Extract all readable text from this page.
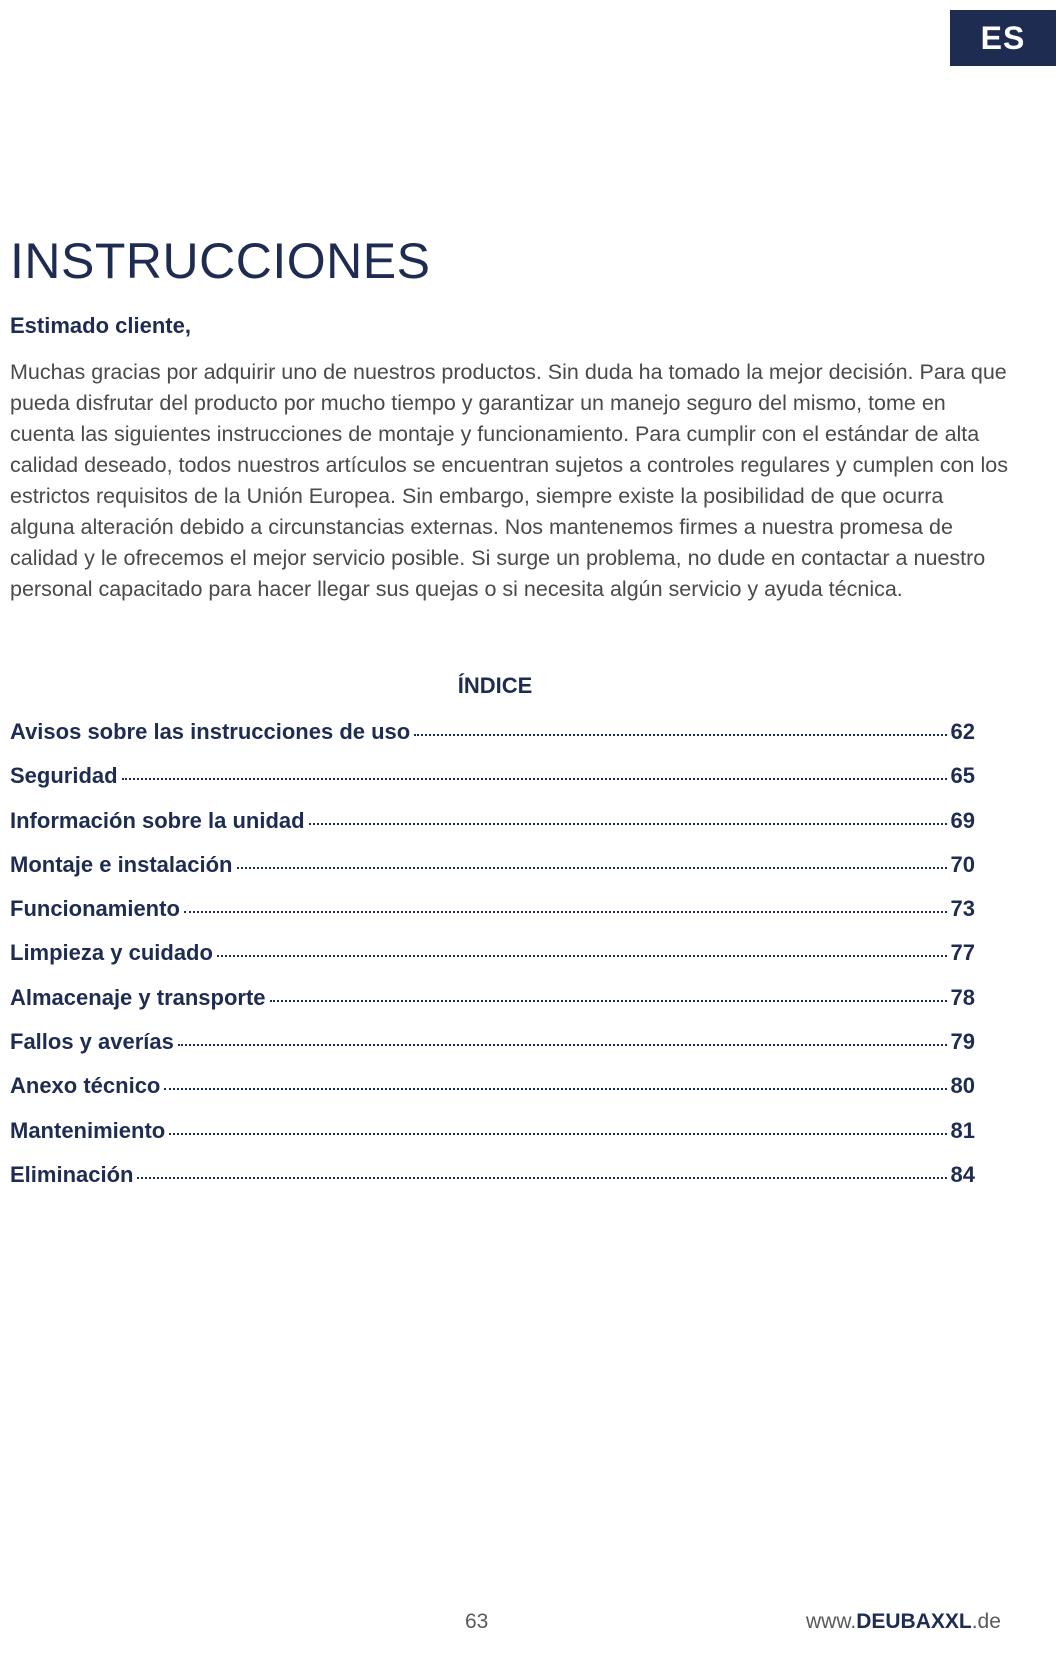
ES
INSTRUCCIONES
Estimado cliente,

Muchas gracias por adquirir uno de nuestros productos. Sin duda ha tomado la mejor decisión. Para que pueda disfrutar del producto por mucho tiempo y garantizar un manejo seguro del mismo, tome en cuenta las siguientes instrucciones de montaje y funcionamiento. Para cumplir con el estándar de alta calidad deseado, todos nuestros artículos se encuentran sujetos a controles regulares y cumplen con los estrictos requisitos de la Unión Europea. Sin embargo, siempre existe la posibilidad de que ocurra alguna alteración debido a circunstancias externas. Nos mantenemos firmes a nuestra promesa de calidad y le ofrecemos el mejor servicio posible. Si surge un problema, no dude en contactar a nuestro personal capacitado para hacer llegar sus quejas o si necesita algún servicio y ayuda técnica.

ÍNDICE
Avisos sobre las instrucciones de uso	62
Seguridad	65
Información sobre la unidad	69
Montaje e instalación	70
Funcionamiento	73
Limpieza y cuidado	77
Almacenaje y transporte	78
Fallos y averías	79
Anexo técnico	80
Mantenimiento	81
Eliminación	84
63	www.DEUBAXXL.de
